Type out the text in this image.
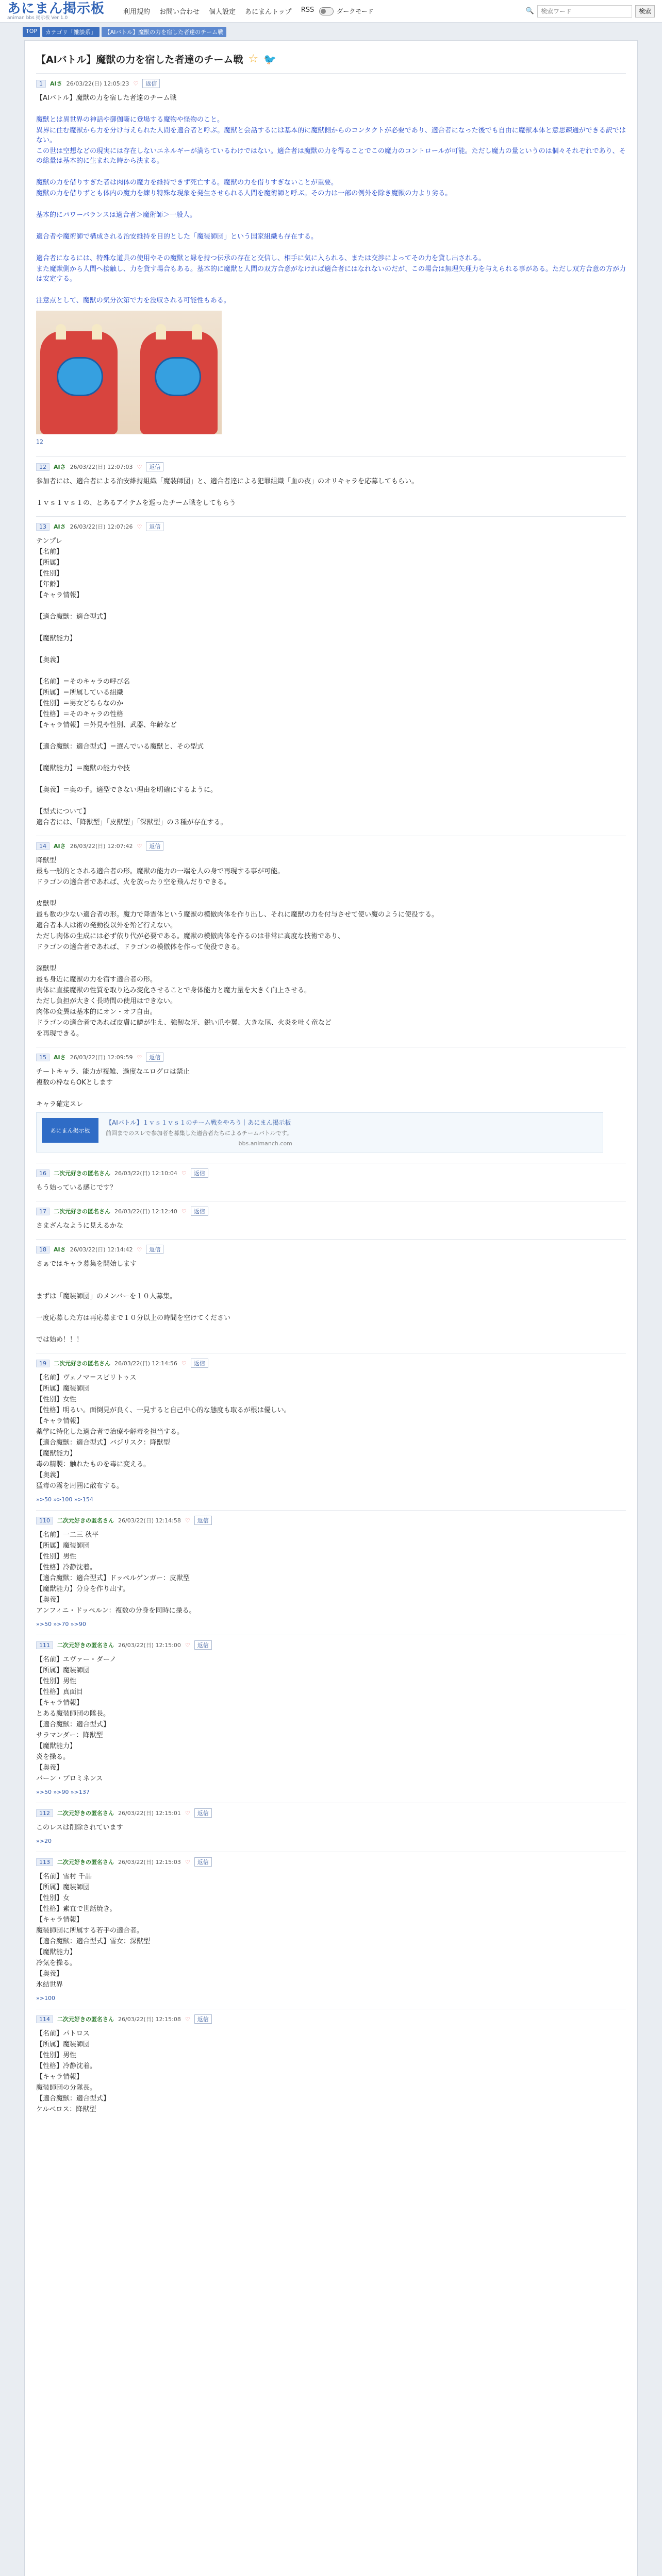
あにまん掲示板
animan bbs 掲示板 Ver 1.0
利用規約 お問い合わせ 個人設定 あにまんトップ RSS	ダークモード	🔍
検索ワード	検索
TOP	カテゴリ「雑談系」	【AIバトル】魔獣の力を宿した者達のチーム戦
【AIバトル】魔獣の力を宿した者達のチーム戦 ☆ 🐦
1	AIさ 26/03/22(日) 12:05:23 ♡	返信

【AIバトル】魔獣の力を宿した者達のチーム戦

魔獣とは異世界の神話や御伽噺に登場する魔物や怪物のこと。

異界に住む魔獣から力を分け与えられた人間を適合者と呼ぶ。魔獣と会話するには基本的に魔獣側からのコンタクトが必要であり、適合者になった後でも自由に魔獣本体と意思疎通ができる訳ではない。

この世は空想などの現実には存在しないエネルギーが満ちているわけではない。適合者は魔獣の力を得ることでこの魔力のコントロールが可能。ただし魔力の量というのは個々それぞれであり、その総量は基本的に生まれた時から決まる。

魔獣の力を借りすぎた者は肉体の魔力を維持できず死亡する。魔獣の力を借りすぎないことが重要。

魔獣の力を借りずとも体内の魔力を練り特殊な現象を発生させられる人間を魔術師と呼ぶ。その力は一部の例外を除き魔獣の力より劣る。

基本的にパワーバランスは適合者＞魔術師＞一般人。

適合者や魔術師で構成される治安維持を目的とした「魔装師団」という国家組織も存在する。

適合者になるには、特殊な道具の使用やその魔獣と縁を持つ伝承の存在と交信し、相手に気に入られる、または交渉によってその力を貸し出される。

また魔獣側から人間へ接触し、力を貸す場合もある。基本的に魔獣と人間の双方合意がなければ適合者にはなれないのだが、この場合は無理矢理力を与えられる事がある。ただし双方合意の方が力は安定する。

注意点として、魔獣の気分次第で力を没収される可能性もある。

12
12	AIさ 26/03/22(日) 12:07:03 ♡	返信

参加者には、適合者による治安維持組織「魔装師団」と、適合者達による犯罪組織「血の夜」のオリキャラを応募してもらい。

１ｖｓ１ｖｓ１の、とあるアイテムを巡ったチーム戦をしてもらう

13	AIさ 26/03/22(日) 12:07:26 ♡	返信

テンプレ

【名前】

【所属】

【性別】

【年齢】

【キャラ情報】

【適合魔獣：適合型式】

【魔獣能力】

【奥義】

【名前】＝そのキャラの呼び名

【所属】＝所属している組織

【性別】＝男女どちらなのか

【性格】＝そのキャラの性格

【キャラ情報】＝外見や性別、武器、年齢など

【適合魔獣：適合型式】＝選んでいる魔獣と、その型式

【魔獣能力】＝魔獣の能力や技

【奥義】＝奥の手。適型できない理由を明確にするように。

【型式について】

適合者には、「降獣型」「皮獣型」「深獣型」の３種が存在する。

14	AIさ 26/03/22(日) 12:07:42 ♡	返信

降獣型

最も一般的とされる適合者の形。魔獣の能力の一端を人の身で再現する事が可能。

ドラゴンの適合者であれば、火を放ったり空を飛んだりできる。

皮獣型

最も数の少ない適合者の形。魔力で降霊体という魔獣の模倣肉体を作り出し、それに魔獣の力を付与させて使い魔のように使役する。

適合者本人は術の発動役以外を殆ど行えない。

ただし肉体の生成には必ず依り代が必要である。魔獣の模倣肉体を作るのは非常に高度な技術であり、

ドラゴンの適合者であれば、ドラゴンの模倣体を作って使役できる。

深獣型

最も身近に魔獣の力を宿す適合者の形。

肉体に直接魔獣の性質を取り込み変化させることで身体能力と魔力量を大きく向上させる。

ただし負担が大きく長時間の使用はできない。

肉体の変異は基本的にオン・オフ自由。

ドラゴンの適合者であれば皮膚に鱗が生え、強靭な牙、鋭い爪や翼、大きな尾、火炎を吐く竜など

を再現できる。

15	AIさ 26/03/22(日) 12:09:59 ♡	返信

チートキャラ、能力が複雑、過度なエログロは禁止

複数の枠ならOKとします

キャラ確定スレ

あにまん掲示板
【AIバトル】１ｖｓ１ｖｓ１のチーム戦をやろう｜あにまん掲示板
前回までのスレで参加者を募集した適合者たちによるチームバトルです。
bbs.animanch.com
16	二次元好きの匿名さん 26/03/22(日) 12:10:04 ♡	返信

もう始っている感じです？

17	二次元好きの匿名さん 26/03/22(日) 12:12:40 ♡	返信

さまざんなように見えるかな

18	AIさ 26/03/22(日) 12:14:42 ♡	返信

さぁではキャラ募集を開始します

まずは「魔装師団」のメンバーを１０人募集。

一度応募した方は再応募まで１０分以上の時間を空けてください

では始め！！！

19	二次元好きの匿名さん 26/03/22(日) 12:14:56 ♡	返信

【名前】ヴェノマ＝スピリトゥス

【所属】魔装師団

【性別】女性

【性格】明るい。面倒見が良く、一見すると自己中心的な態度も取るが根は優しい。

【キャラ情報】

薬学に特化した適合者で治療や解毒を担当する。

【適合魔獣：適合型式】バジリスク：降獣型

【魔獣能力】

毒の精製：触れたものを毒に変える。

【奥義】

猛毒の霧を周囲に散布する。

»>50 »>100 »>154
110	二次元好きの匿名さん 26/03/22(日) 12:14:58 ♡	返信

【名前】一二三 秋平

【所属】魔装師団

【性別】男性

【性格】冷静沈着。

【適合魔獣：適合型式】ドッペルゲンガー：皮獣型

【魔獣能力】分身を作り出す。

【奥義】

アンフィニ・ドッペルン：複数の分身を同時に操る。

»>50 »>70 »>90
111	二次元好きの匿名さん 26/03/22(日) 12:15:00 ♡	返信

【名前】エヴァー・ダーノ

【所属】魔装師団

【性別】男性

【性格】真面目

【キャラ情報】

とある魔装師団の隊長。

【適合魔獣：適合型式】

サラマンダー：降獣型

【魔獣能力】

炎を操る。

【奥義】

バーン・プロミネンス

»>50 »>90 »>137
112	二次元好きの匿名さん 26/03/22(日) 12:15:01 ♡	返信

このレスは削除されています

»>20
113	二次元好きの匿名さん 26/03/22(日) 12:15:03 ♡	返信

【名前】雪村 千晶

【所属】魔装師団

【性別】女

【性格】素直で世話焼き。

【キャラ情報】

魔装師団に所属する若手の適合者。

【適合魔獣：適合型式】雪女：深獣型

【魔獣能力】

冷気を操る。

【奥義】

氷結世界

»>100
114	二次元好きの匿名さん 26/03/22(日) 12:15:08 ♡	返信

【名前】パトロス

【所属】魔装師団

【性別】男性

【性格】冷静沈着。

【キャラ情報】

魔装師団の分隊長。

【適合魔獣：適合型式】

ケルベロス：降獣型
